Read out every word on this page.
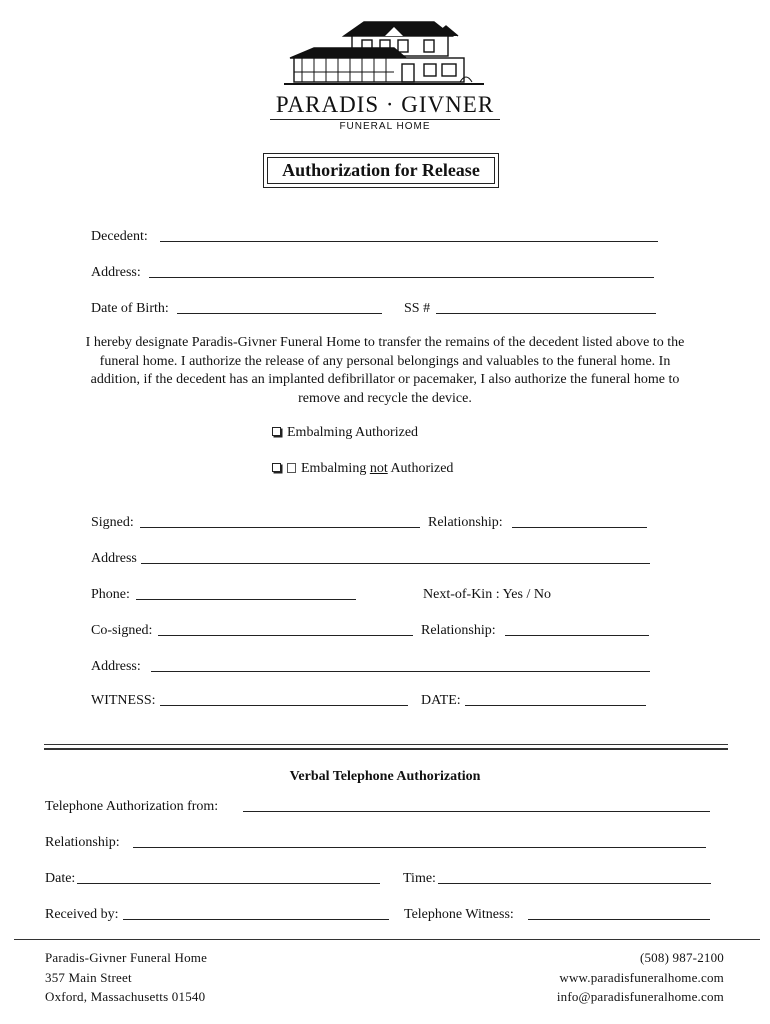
PARADIS · GIVNER
FUNERAL HOME
Authorization for Release
Decedent:
Address:
Date of Birth:	SS #
I hereby designate Paradis-Givner Funeral Home to transfer the remains of the decedent listed above to the funeral home. I authorize the release of any personal belongings and valuables to the funeral home. In addition, if the decedent has an implanted defibrillator or pacemaker, I also authorize the funeral home to remove and recycle the device.
Embalming Authorized
Embalming not Authorized
Signed:	Relationship:
Address
Phone:	Next-of-Kin : Yes / No
Co-signed:	Relationship:
Address:
WITNESS:	DATE:
Verbal Telephone Authorization
Telephone Authorization from:
Relationship:
Date:	Time:
Received by:	Telephone Witness:
Paradis-Givner Funeral Home
357 Main Street
Oxford, Massachusetts 01540
(508) 987-2100
www.paradisfuneralhome.com
info@paradisfuneralhome.com
